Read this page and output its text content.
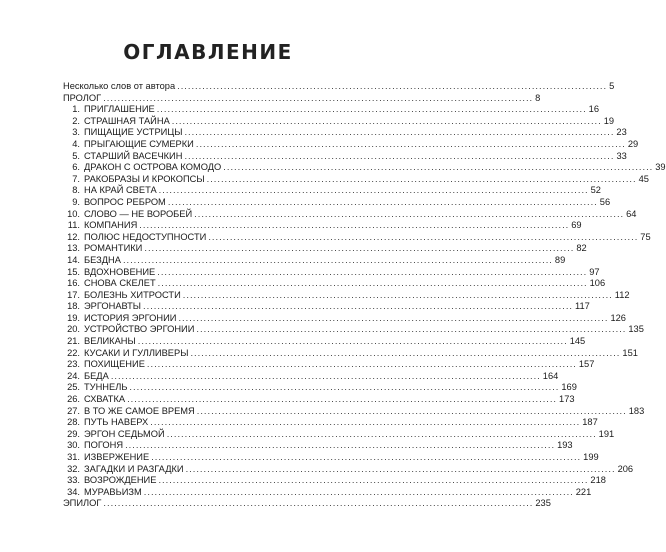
ОГЛАВЛЕНИЕ
Несколько слов от автора ........................................................................................................................ 5
ПРОЛОГ ........................................................................................................................ 8
1. ПРИГЛАШЕНИЕ ........................................................................................................................ 16
2. СТРАШНАЯ ТАЙНА ........................................................................................................................ 19
3. ПИЩАЩИЕ УСТРИЦЫ ........................................................................................................................ 23
4. ПРЫГАЮЩИЕ СУМЕРКИ ........................................................................................................................ 29
5. СТАРШИЙ ВАСЕЧКИН ........................................................................................................................ 33
6. ДРАКОН С ОСТРОВА КОМОДО ........................................................................................................................ 39
7. РАКОБРАЗЫ И КРОКОПСЫ ........................................................................................................................ 45
8. НА КРАЙ СВЕТА ........................................................................................................................ 52
9. ВОПРОС РЕБРОМ ........................................................................................................................ 56
10. СЛОВО — НЕ ВОРОБЕЙ ........................................................................................................................ 64
11. КОМПАНИЯ ........................................................................................................................ 69
12. ПОЛЮС НЕДОСТУПНОСТИ ........................................................................................................................ 75
13. РОМАНТИКИ ........................................................................................................................ 82
14. БЕЗДНА ........................................................................................................................ 89
15. ВДОХНОВЕНИЕ ........................................................................................................................ 97
16. СНОВА СКЕЛЕТ ........................................................................................................................ 106
17. БОЛЕЗНЬ ХИТРОСТИ ........................................................................................................................ 112
18. ЭРГОНАВТЫ ........................................................................................................................ 117
19. ИСТОРИЯ ЭРГОНИИ ........................................................................................................................ 126
20. УСТРОЙСТВО ЭРГОНИИ ........................................................................................................................ 135
21. ВЕЛИКАНЫ ........................................................................................................................ 145
22. КУСАКИ И ГУЛЛИВЕРЫ ........................................................................................................................ 151
23. ПОХИЩЕНИЕ ........................................................................................................................ 157
24. БЕДА ........................................................................................................................ 164
25. ТУННЕЛЬ ........................................................................................................................ 169
26. СХВАТКА ........................................................................................................................ 173
27. В ТО ЖЕ САМОЕ ВРЕМЯ ........................................................................................................................ 183
28. ПУТЬ НАВЕРХ ........................................................................................................................ 187
29. ЭРГОН СЕДЬМОЙ ........................................................................................................................ 191
30. ПОГОНЯ ........................................................................................................................ 193
31. ИЗВЕРЖЕНИЕ ........................................................................................................................ 199
32. ЗАГАДКИ И РАЗГАДКИ ........................................................................................................................ 206
33. ВОЗРОЖДЕНИЕ ........................................................................................................................ 218
34. МУРАВЬИЗМ ........................................................................................................................ 221
ЭПИЛОГ ........................................................................................................................ 235
